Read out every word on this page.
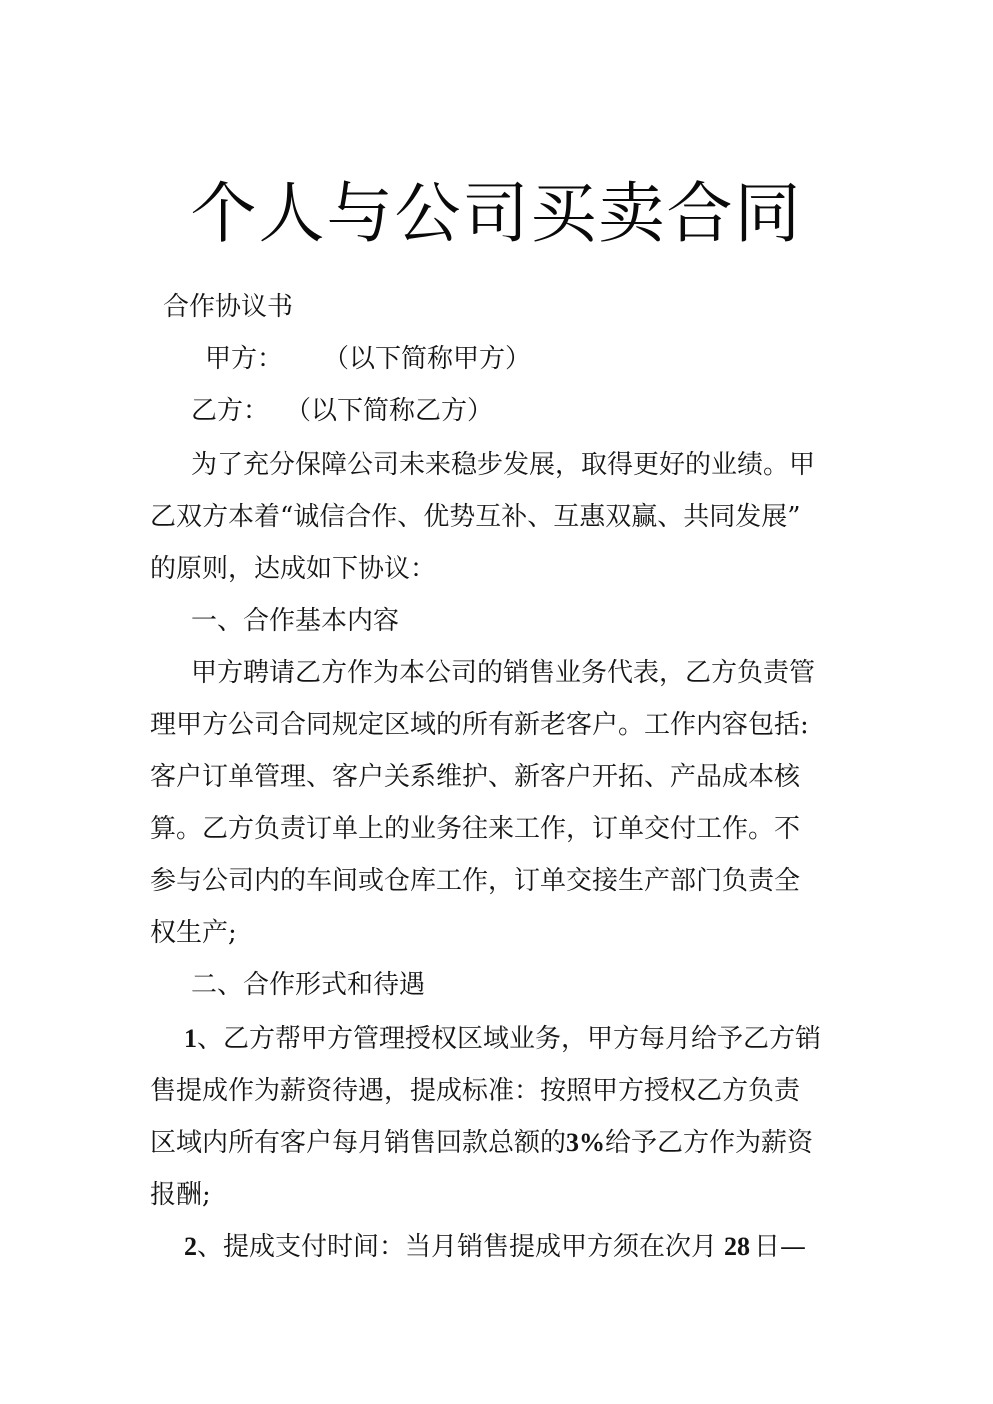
个人与公司买卖合同
合作协议书
甲方： （以下简称甲方）
乙方： （以下简称乙方）
为了充分保障公司未来稳步发展，取得更好的业绩。甲
乙双方本着“诚信合作、优势互补、互惠双赢、共同发展”
的原则，达成如下协议：
一、合作基本内容
甲方聘请乙方作为本公司的销售业务代表，乙方负责管
理甲方公司合同规定区域的所有新老客户。工作内容包括:
客户订单管理、客户关系维护、新客户开拓、产品成本核
算。乙方负责订单上的业务往来工作，订单交付工作。不
参与公司内的车间或仓库工作，订单交接生产部门负责全
权生产;
二、合作形式和待遇
1、乙方帮甲方管理授权区域业务，甲方每月给予乙方销
售提成作为薪资待遇，提成标准：按照甲方授权乙方负责
区域内所有客户每月销售回款总额的3%给予乙方作为薪资
报酬;
2、提成支付时间：当月销售提成甲方须在次月 28 日—
